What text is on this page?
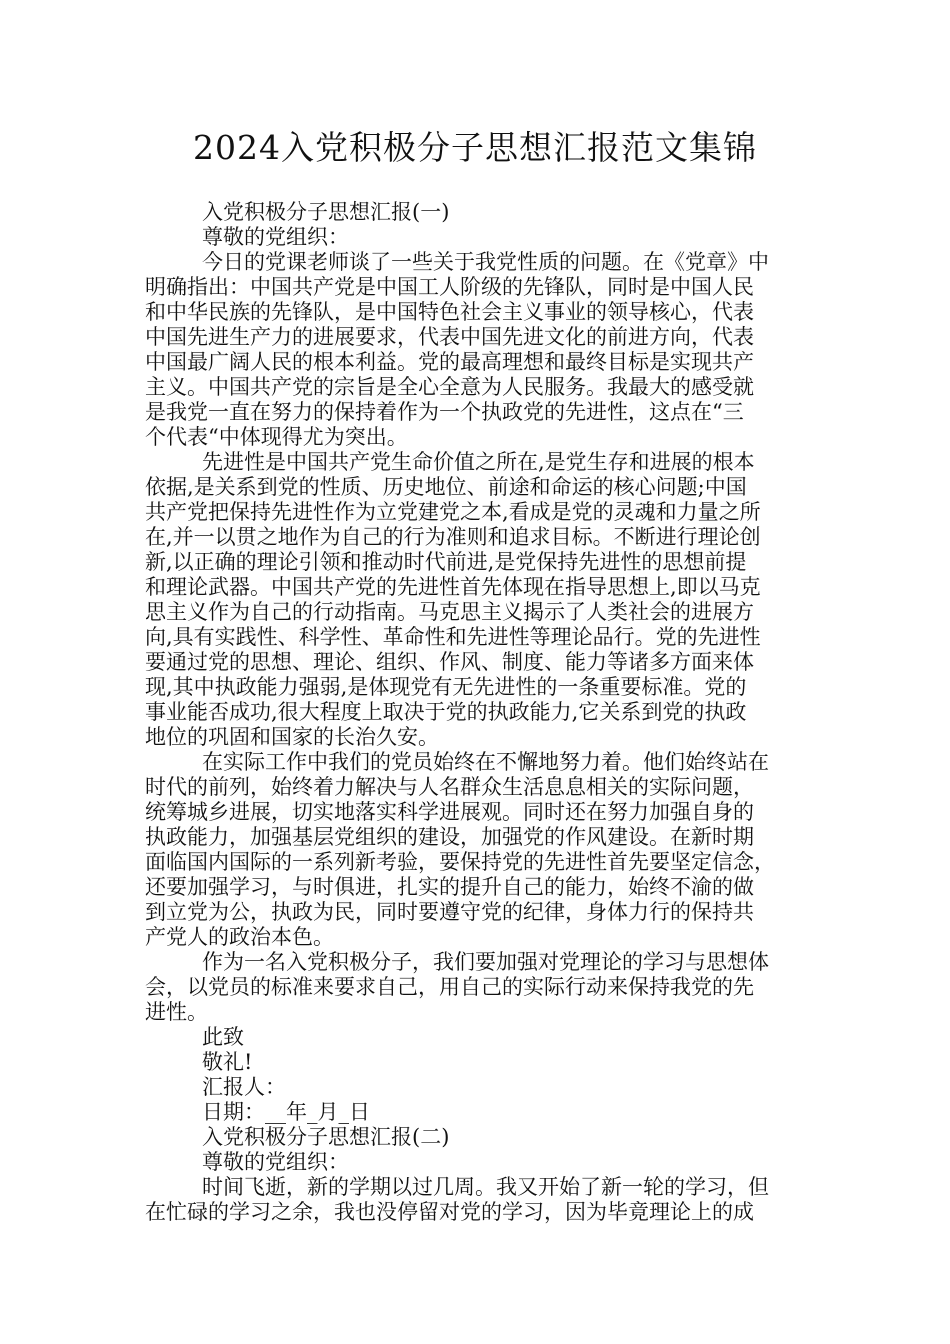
2024入党积极分子思想汇报范文集锦

入党积极分子思想汇报(一)

尊敬的党组织：

今日的党课老师谈了一些关于我党性质的问题。在《党章》中

明确指出：中国共产党是中国工人阶级的先锋队，同时是中国人民

和中华民族的先锋队，是中国特色社会主义事业的领导核心，代表

中国先进生产力的进展要求，代表中国先进文化的前进方向，代表

中国最广阔人民的根本利益。党的最高理想和最终目标是实现共产

主义。中国共产党的宗旨是全心全意为人民服务。我最大的感受就

是我党一直在努力的保持着作为一个执政党的先进性，这点在“三

个代表“中体现得尤为突出。

先进性是中国共产党生命价值之所在,是党生存和进展的根本

依据,是关系到党的性质、历史地位、前途和命运的核心问题;中国

共产党把保持先进性作为立党建党之本,看成是党的灵魂和力量之所

在,并一以贯之地作为自己的行为准则和追求目标。不断进行理论创

新,以正确的理论引领和推动时代前进,是党保持先进性的思想前提

和理论武器。中国共产党的先进性首先体现在指导思想上,即以马克

思主义作为自己的行动指南。马克思主义揭示了人类社会的进展方

向,具有实践性、科学性、革命性和先进性等理论品行。党的先进性

要通过党的思想、理论、组织、作风、制度、能力等诸多方面来体

现,其中执政能力强弱,是体现党有无先进性的一条重要标准。党的

事业能否成功,很大程度上取决于党的执政能力,它关系到党的执政

地位的巩固和国家的长治久安。

在实际工作中我们的党员始终在不懈地努力着。他们始终站在

时代的前列，始终着力解决与人名群众生活息息相关的实际问题，

统筹城乡进展，切实地落实科学进展观。同时还在努力加强自身的

执政能力，加强基层党组织的建设，加强党的作风建设。在新时期

面临国内国际的一系列新考验，要保持党的先进性首先要坚定信念，

还要加强学习，与时俱进，扎实的提升自己的能力，始终不渝的做

到立党为公，执政为民，同时要遵守党的纪律，身体力行的保持共

产党人的政治本色。

作为一名入党积极分子，我们要加强对党理论的学习与思想体

会，以党员的标准来要求自己，用自己的实际行动来保持我党的先

进性。

此致

敬礼!

汇报人：

日期：__年_月_日

入党积极分子思想汇报(二)

尊敬的党组织：

时间飞逝，新的学期以过几周。我又开始了新一轮的学习，但

在忙碌的学习之余，我也没停留对党的学习，因为毕竟理论上的成
